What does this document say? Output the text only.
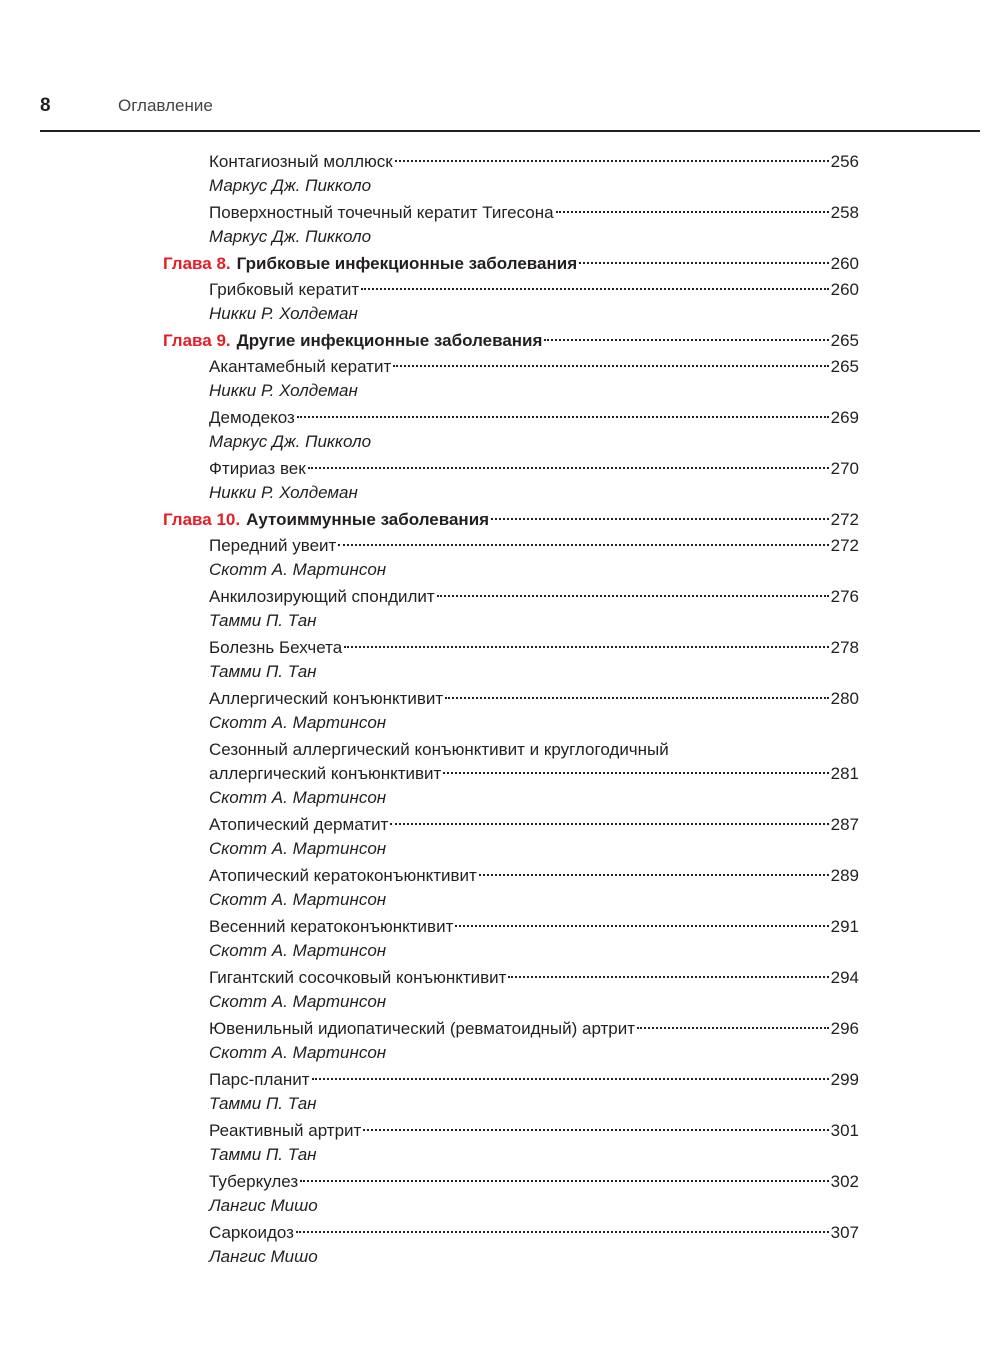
8	Оглавление
Контагиозный моллюск	256
Маркус Дж. Пикколо
Поверхностный точечный кератит Тигесона	258
Маркус Дж. Пикколо
Глава 8. Грибковые инфекционные заболевания	260
Грибковый кератит	260
Никки Р. Холдеман
Глава 9. Другие инфекционные заболевания	265
Акантамебный кератит	265
Никки Р. Холдеман
Демодекоз	269
Маркус Дж. Пикколо
Фтириаз век	270
Никки Р. Холдеман
Глава 10. Аутоиммунные заболевания	272
Передний увеит	272
Скотт А. Мартинсон
Анкилозирующий спондилит	276
Тамми П. Тан
Болезнь Бехчета	278
Тамми П. Тан
Аллергический конъюнктивит	280
Скотт А. Мартинсон
Сезонный аллергический конъюнктивит и круглогодичный
аллергический конъюнктивит	281
Скотт А. Мартинсон
Атопический дерматит	287
Скотт А. Мартинсон
Атопический кератоконъюнктивит	289
Скотт А. Мартинсон
Весенний кератоконъюнктивит	291
Скотт А. Мартинсон
Гигантский сосочковый конъюнктивит	294
Скотт А. Мартинсон
Ювенильный идиопатический (ревматоидный) артрит	296
Скотт А. Мартинсон
Парс-планит	299
Тамми П. Тан
Реактивный артрит	301
Тамми П. Тан
Туберкулез	302
Лангис Мишо
Саркоидоз	307
Лангис Мишо
